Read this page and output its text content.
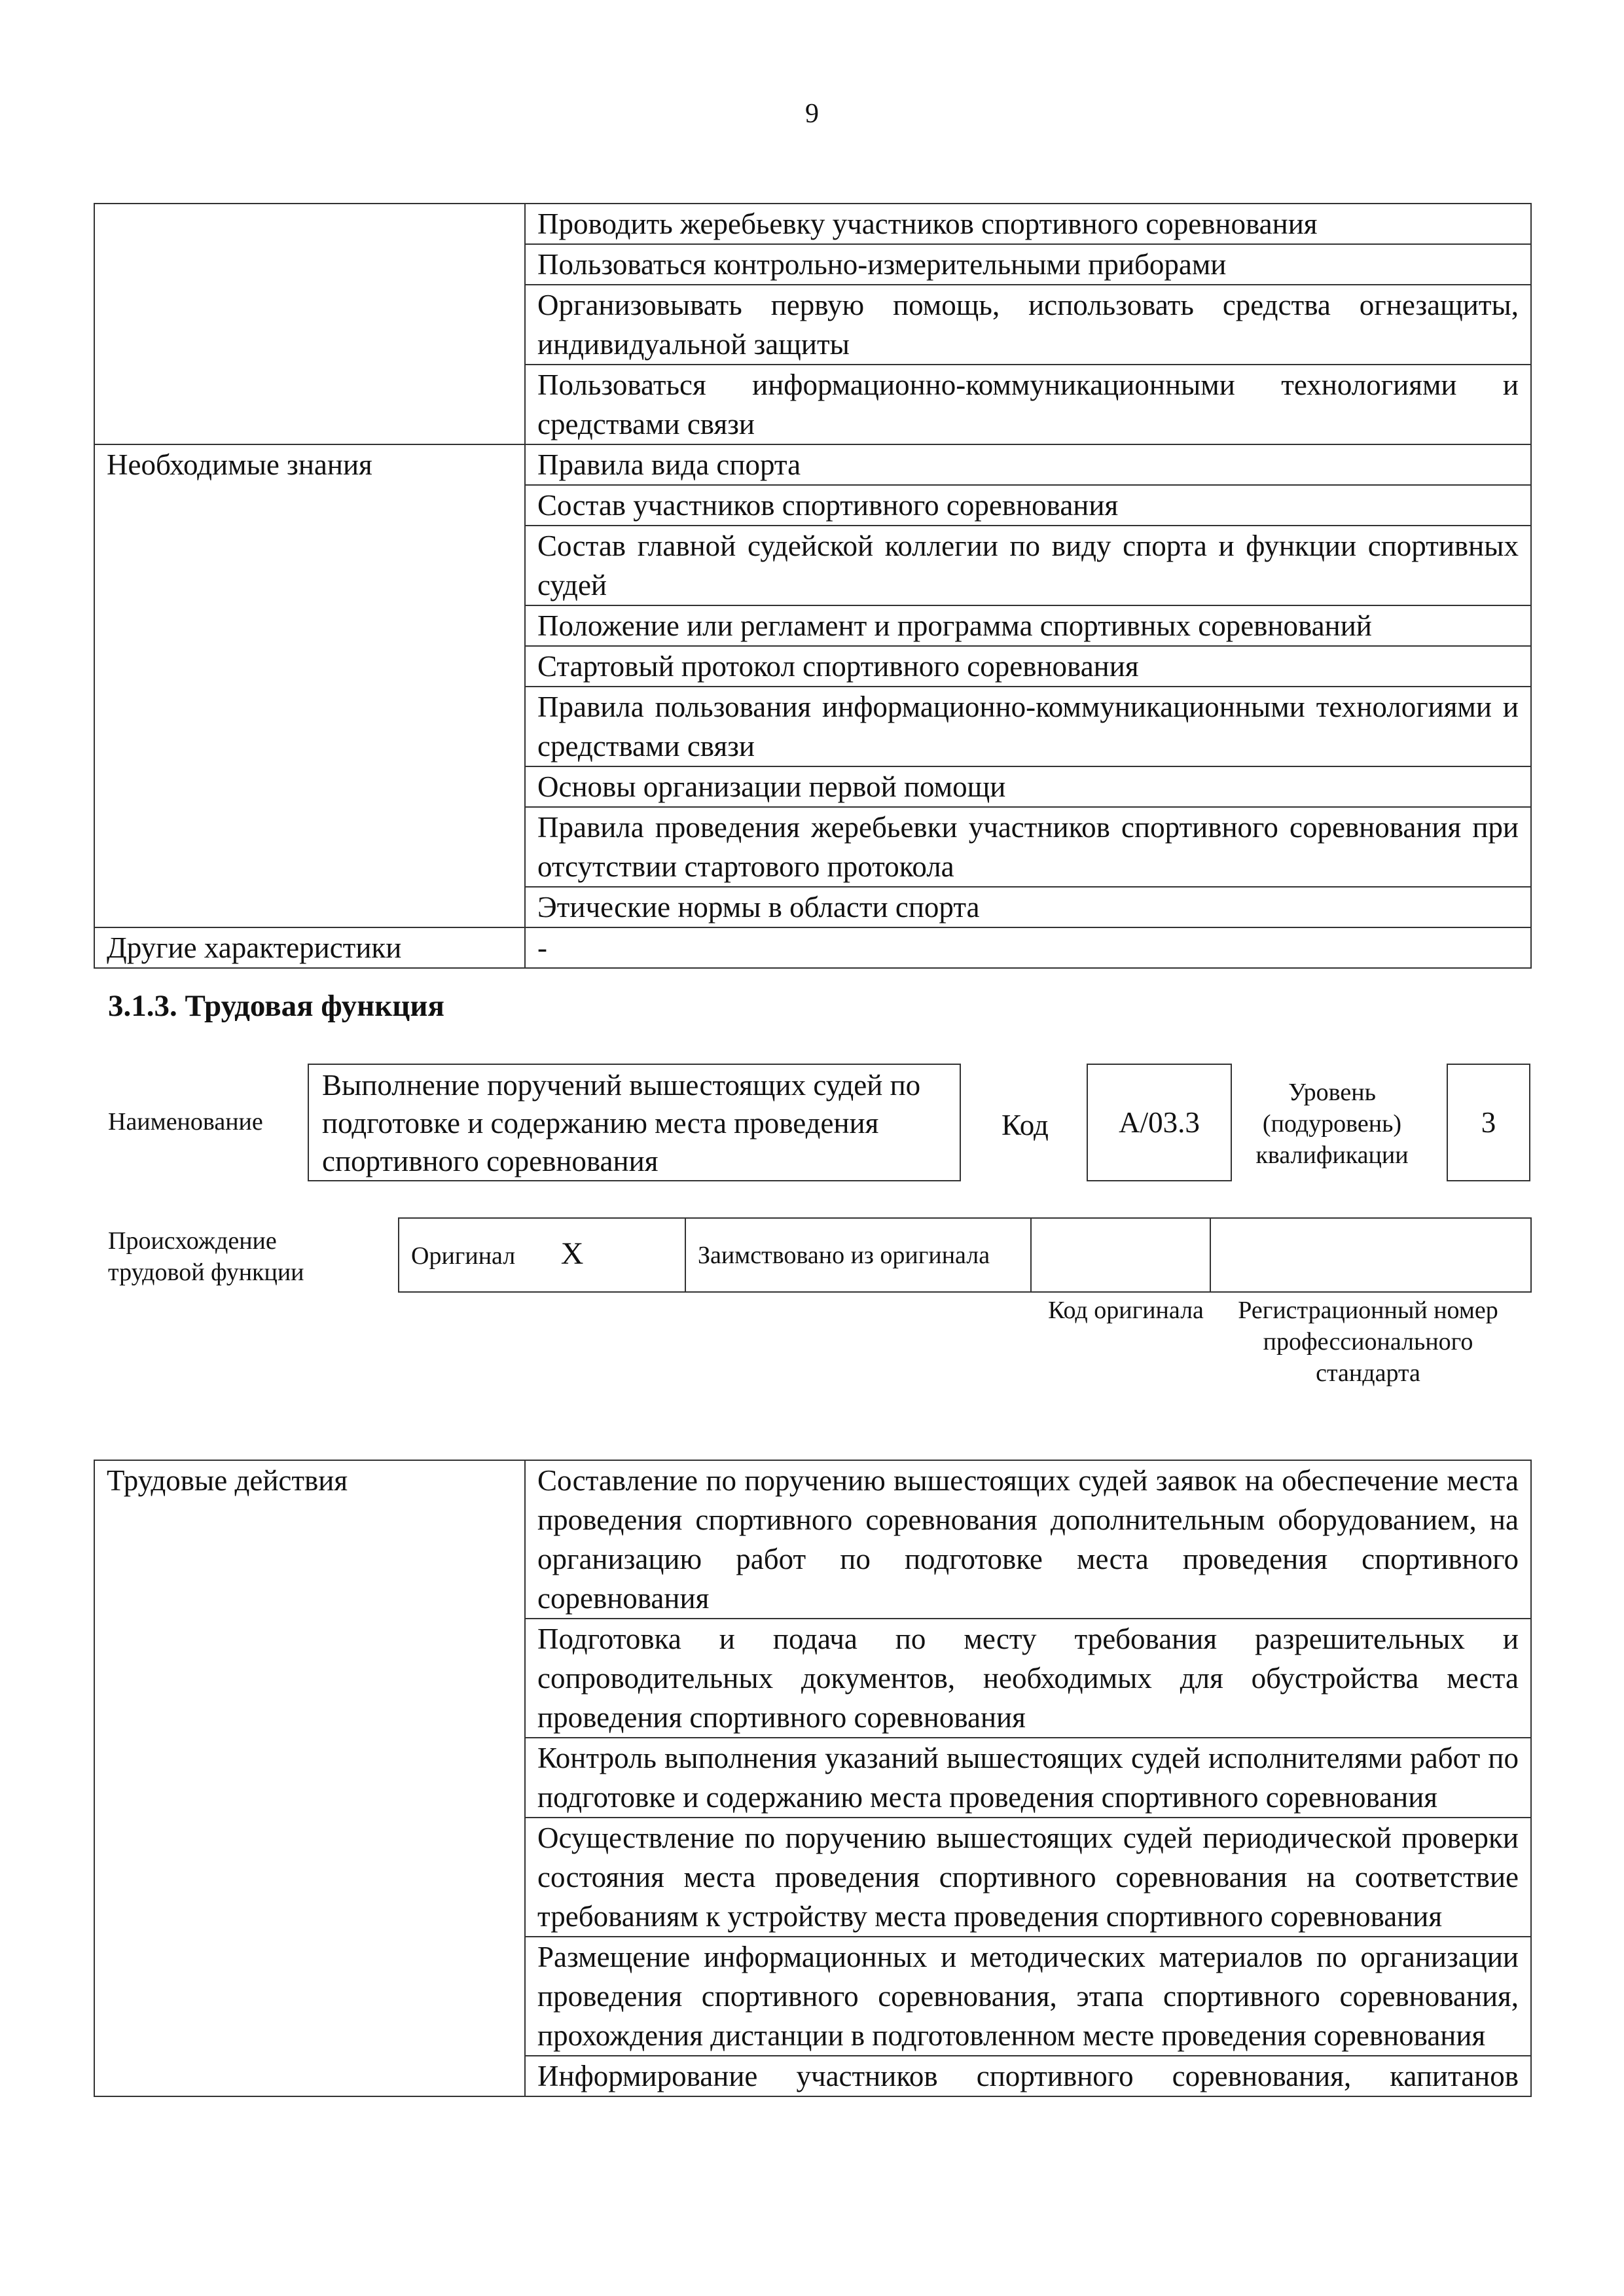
9
	Проводить жеребьевку участников спортивного соревнования
	Пользоваться контрольно-измерительными приборами
	Организовывать первую помощь, использовать средства огнезащиты, индивидуальной защиты
	Пользоваться информационно-коммуникационными технологиями и средствами связи
Необходимые знания	Правила вида спорта
	Состав участников спортивного соревнования
	Состав главной судейской коллегии по виду спорта и функции спортивных судей
	Положение или регламент и программа спортивных соревнований
	Стартовый протокол спортивного соревнования
	Правила пользования информационно-коммуникационными технологиями и средствами связи
	Основы организации первой помощи
	Правила проведения жеребьевки участников спортивного соревнования при отсутствии стартового протокола
	Этические нормы в области спорта
Другие характеристики	-
3.1.3. Трудовая функция
Наименование
Выполнение поручений вышестоящих судей по подготовке и содержанию места проведения спортивного соревнования
Код	А/03.3
Уровень (подуровень) квалификации
3
Происхождение трудовой функции
Оригинал X	Заимствовано из оригинала		
Код оригинала	Регистрационный номер профессионального стандарта
Трудовые действия	Составление по поручению вышестоящих судей заявок на обеспечение места проведения спортивного соревнования дополнительным оборудованием, на организацию работ по подготовке места проведения спортивного соревнования
Подготовка и подача по месту требования разрешительных и сопроводительных документов, необходимых для обустройства места проведения спортивного соревнования
Контроль выполнения указаний вышестоящих судей исполнителями работ по подготовке и содержанию места проведения спортивного соревнования
Осуществление по поручению вышестоящих судей периодической проверки состояния места проведения спортивного соревнования на соответствие требованиям к устройству места проведения спортивного соревнования
Размещение информационных и методических материалов по организации проведения спортивного соревнования, этапа спортивного соревнования, прохождения дистанции в подготовленном месте проведения соревнования
Информирование участников спортивного соревнования, капитанов
